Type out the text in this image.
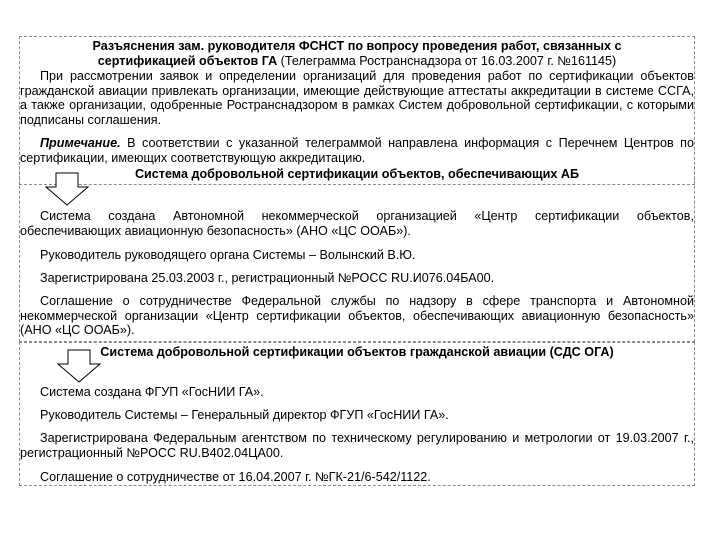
Разъяснения зам. руководителя ФСНСТ по вопросу проведения работ, связанных с
сертификацией объектов ГА (Телеграмма Ространснадзора от 16.03.2007 г. №161145)

При рассмотрении заявок и определении организаций для проведения работ по сертификации объектов гражданской авиации привлекать организации, имеющие действующие аттестаты аккредитации в системе ССГА, а также организации, одобренные Ространснадзором в рамках Систем добровольной сертификации, с которыми подписаны соглашения.

Примечание. В соответствии с указанной телеграммой направлена информация с Перечнем Центров по сертификации, имеющих соответствующую аккредитацию.

Система добровольной сертификации объектов, обеспечивающих АБ

Система создана Автономной некоммерческой организацией «Центр сертификации объектов, обеспечивающих авиационную безопасность» (АНО «ЦС ООАБ»).

Руководитель руководящего органа Системы – Волынский В.Ю.

Зарегистрирована 25.03.2003 г., регистрационный №РОСС RU.И076.04БА00.

Соглашение о сотрудничестве Федеральной службы по надзору в сфере транспорта и Автономной некоммерческой организации «Центр сертификации объектов, обеспечивающих авиационную безопасность» (АНО «ЦС ООАБ»).

Система добровольной сертификации объектов гражданской авиации (СДС ОГА)

Система создана ФГУП «ГосНИИ ГА».

Руководитель Системы – Генеральный директор ФГУП «ГосНИИ ГА».

Зарегистрирована Федеральным агентством по техническому регулированию и метрологии от 19.03.2007 г., регистрационный №РОСС RU.В402.04ЦА00.

Соглашение о сотрудничестве от 16.04.2007 г. №ГК-21/6-542/1122.
